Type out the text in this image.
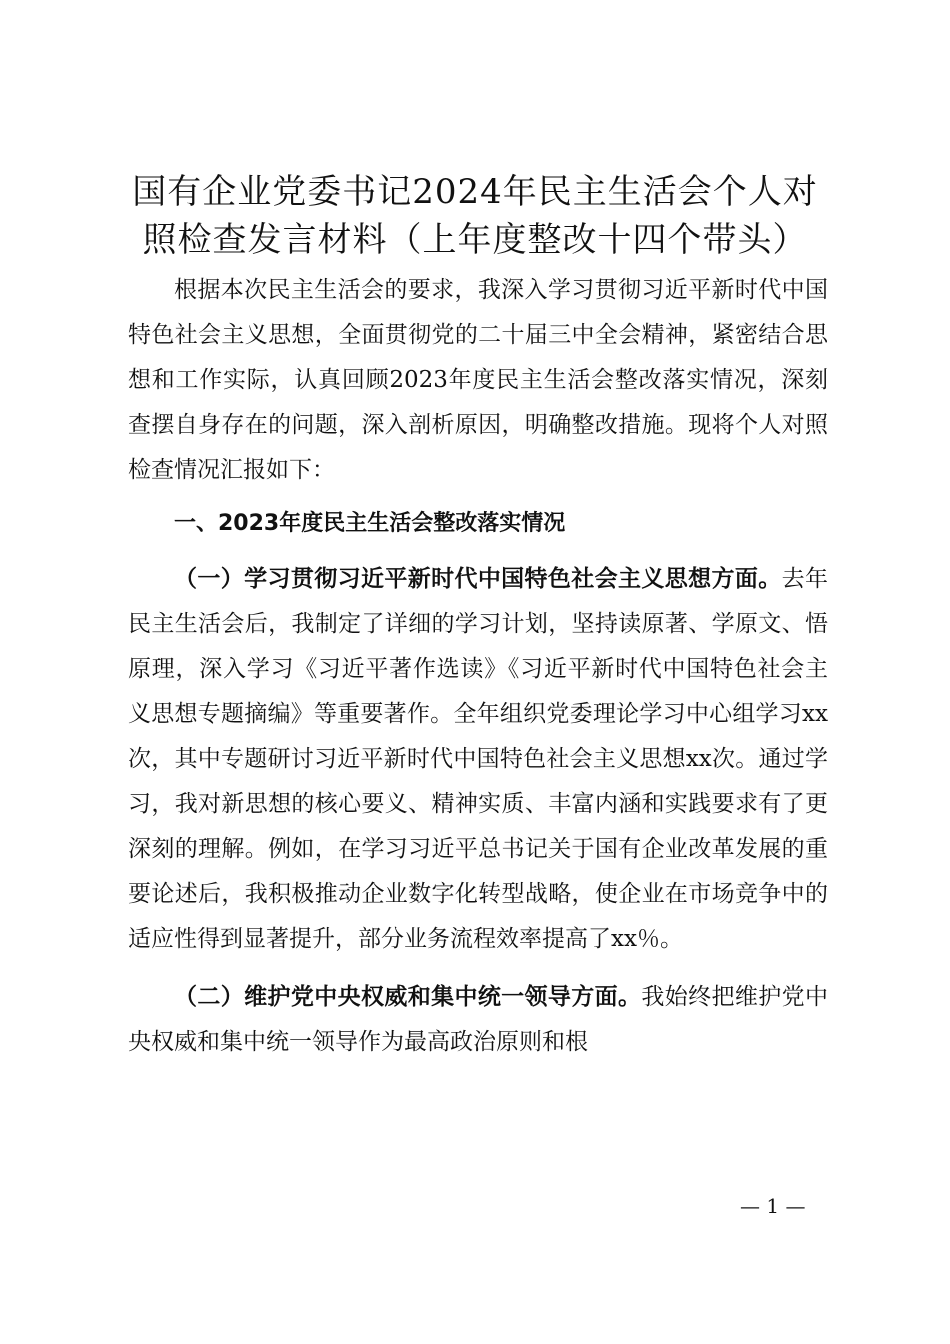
国有企业党委书记2024年民主生活会个人对
照检查发言材料（上年度整改十四个带头）

根据本次民主生活会的要求，我深入学习贯彻习近平新时代中国特色社会主义思想，全面贯彻党的二十届三中全会精神，紧密结合思想和工作实际，认真回顾2023年度民主生活会整改落实情况，深刻查摆自身存在的问题，深入剖析原因，明确整改措施。现将个人对照检查情况汇报如下：

一、2023年度民主生活会整改落实情况

（一）学习贯彻习近平新时代中国特色社会主义思想方面。去年民主生活会后，我制定了详细的学习计划，坚持读原著、学原文、悟原理，深入学习《习近平著作选读》《习近平新时代中国特色社会主义思想专题摘编》等重要著作。全年组织党委理论学习中心组学习xx次，其中专题研讨习近平新时代中国特色社会主义思想xx次。通过学习，我对新思想的核心要义、精神实质、丰富内涵和实践要求有了更深刻的理解。例如，在学习习近平总书记关于国有企业改革发展的重要论述后，我积极推动企业数字化转型战略，使企业在市场竞争中的适应性得到显著提升，部分业务流程效率提高了xx％。

（二）维护党中央权威和集中统一领导方面。我始终把维护党中央权威和集中统一领导作为最高政治原则和根

— 1 —
